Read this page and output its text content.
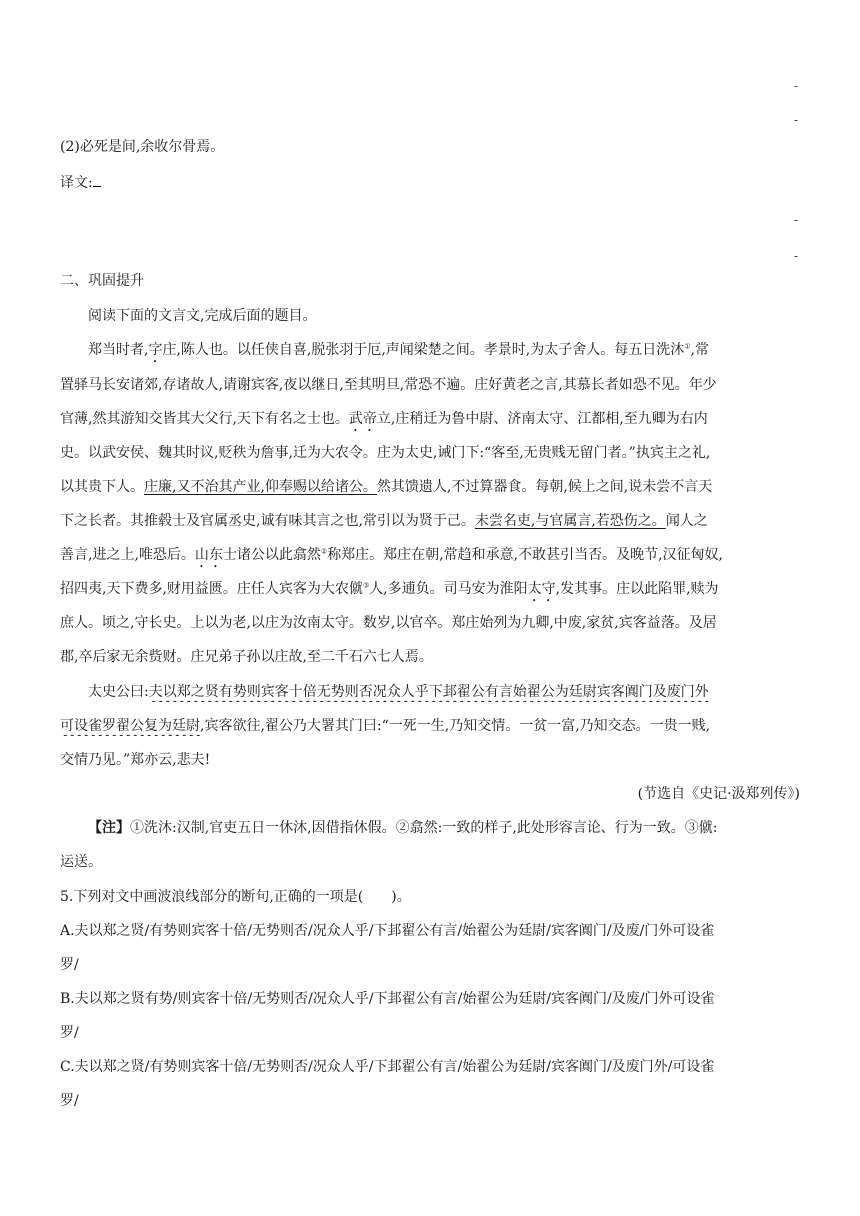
-
-
-
-
(2)必死是间,余收尔骨焉。
译文:
二、巩固提升
阅读下面的文言文,完成后面的题目。
郑当时者,字庄,陈人也。以任侠自喜,脱张羽于厄,声闻梁楚之间。孝景时,为太子舍人。每五日洗沐①,常
置驿马长安诸郊,存诸故人,请谢宾客,夜以继日,至其明旦,常恐不遍。庄好黄老之言,其慕长者如恐不见。年少
官薄,然其游知交皆其大父行,天下有名之士也。武帝立,庄稍迁为鲁中尉、济南太守、江都相,至九卿为右内
史。以武安侯、魏其时议,贬秩为詹事,迁为大农令。庄为太史,诫门下:“客至,无贵贱无留门者。”执宾主之礼,
以其贵下人。庄廉,又不治其产业,仰奉赐以给诸公。然其馈遗人,不过算器食。每朝,候上之间,说未尝不言天
下之长者。其推毂士及官属丞史,诚有味其言之也,常引以为贤于己。未尝名吏,与官属言,若恐伤之。闻人之
善言,进之上,唯恐后。山东士诸公以此翕然②称郑庄。郑庄在朝,常趋和承意,不敢甚引当否。及晚节,汉征匈奴,
招四夷,天下费多,财用益匮。庄任人宾客为大农僦③人,多逋负。司马安为淮阳太守,发其事。庄以此陷罪,赎为
庶人。顷之,守长史。上以为老,以庄为汝南太守。数岁,以官卒。郑庄始列为九卿,中废,家贫,宾客益落。及居
郡,卒后家无余赀财。庄兄弟子孙以庄故,至二千石六七人焉。
太史公曰:夫以郑之贤有势则宾客十倍无势则否况众人乎下邽翟公有言始翟公为廷尉宾客阗门及废门外
可设雀罗翟公复为廷尉,宾客欲往,翟公乃大署其门曰:“一死一生,乃知交情。一贫一富,乃知交态。一贵一贱,
交情乃见。”郑亦云,悲夫!
(节选自《史记·汲郑列传》)
【注】①洗沐:汉制,官吏五日一休沐,因借指休假。②翕然:一致的样子,此处形容言论、行为一致。③僦:
运送。
5.下列对文中画波浪线部分的断句,正确的一项是(　　)。
A.夫以郑之贤/有势则宾客十倍/无势则否/况众人乎/下邽翟公有言/始翟公为廷尉/宾客阗门/及废/门外可设雀
罗/
B.夫以郑之贤有势/则宾客十倍/无势则否/况众人乎/下邽翟公有言/始翟公为廷尉/宾客阗门/及废/门外可设雀
罗/
C.夫以郑之贤/有势则宾客十倍/无势则否/况众人乎/下邽翟公有言/始翟公为廷尉/宾客阗门/及废门外/可设雀
罗/
